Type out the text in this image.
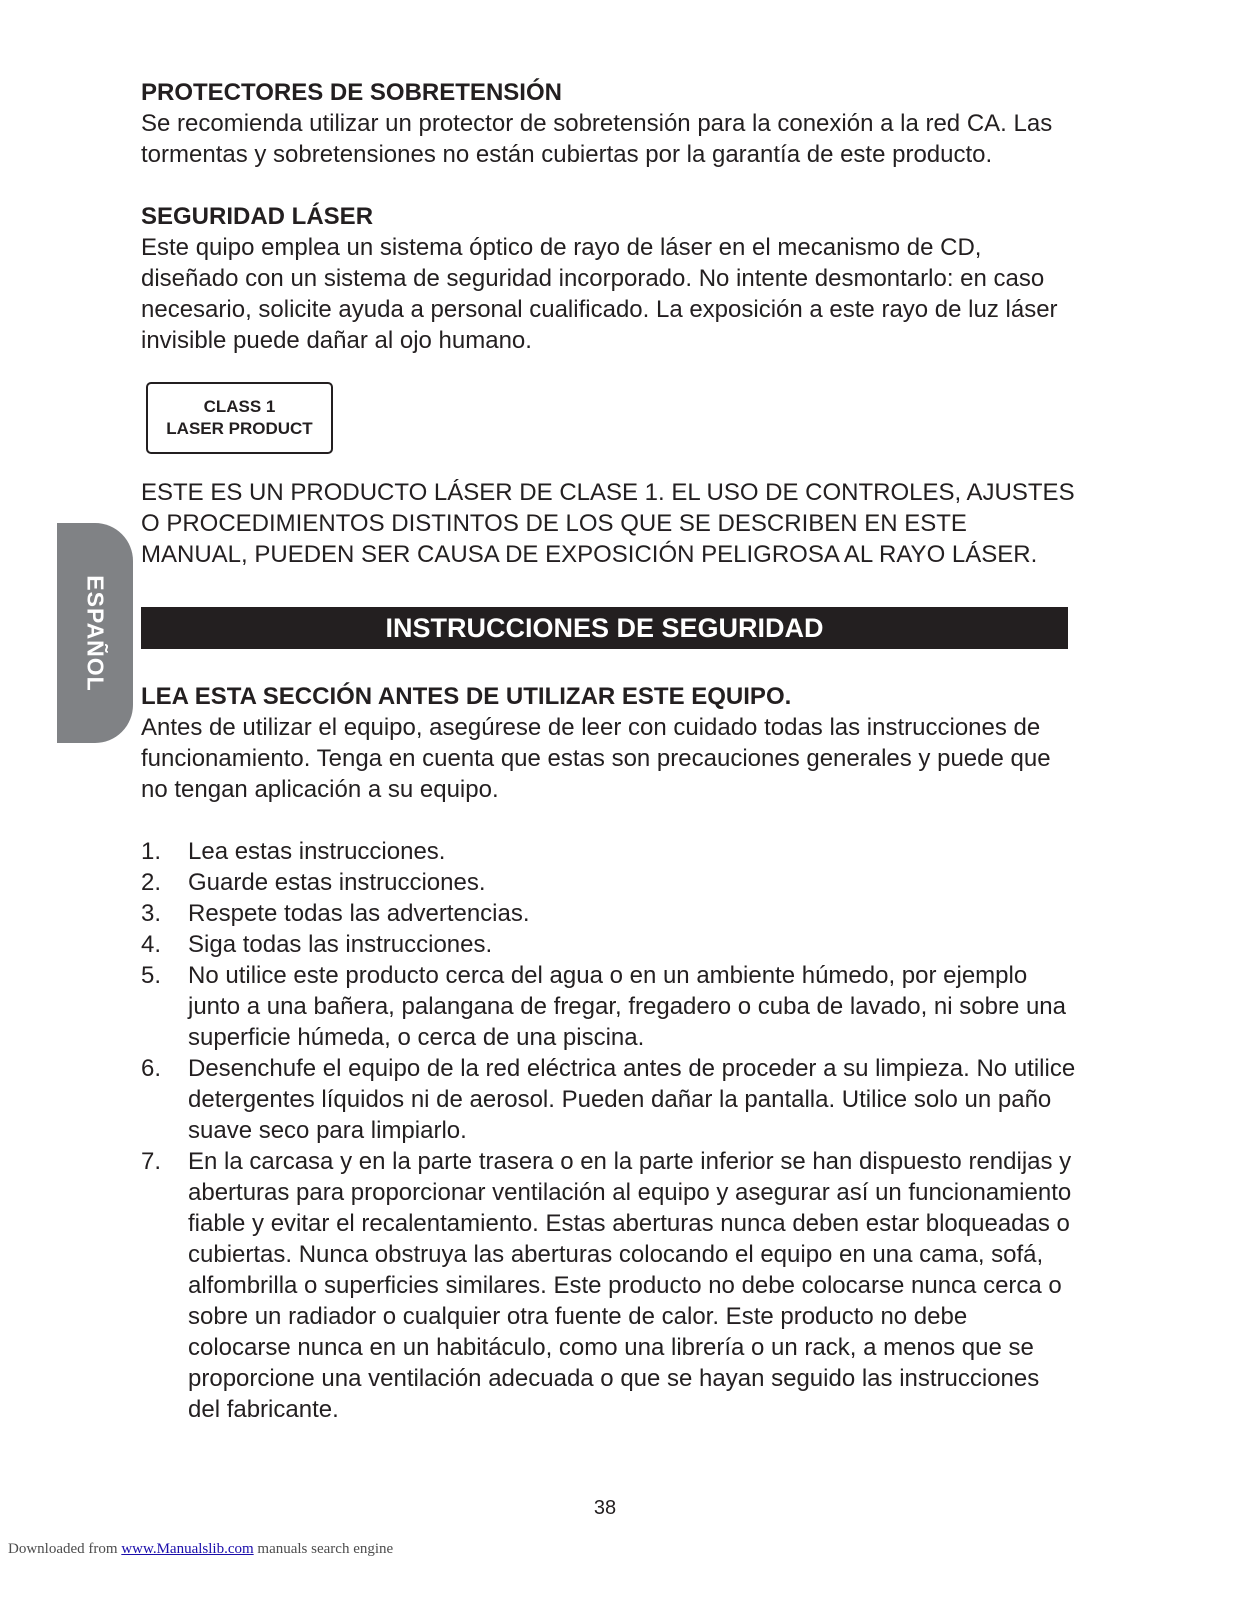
ESPAÑOL

PROTECTORES DE SOBRETENSIÓN

Se recomienda utilizar un protector de sobretensión para la conexión a la red CA. Las tormentas y sobretensiones no están cubiertas por la garantía de este producto.

SEGURIDAD LÁSER

Este quipo emplea un sistema óptico de rayo de láser en el mecanismo de CD, diseñado con un sistema de seguridad incorporado. No intente desmontarlo: en caso necesario, solicite ayuda a personal cualificado. La exposición a este rayo de luz láser invisible puede dañar al ojo humano.

CLASS 1
LASER PRODUCT

ESTE ES UN PRODUCTO LÁSER DE CLASE 1. EL USO DE CONTROLES, AJUSTES O PROCEDIMIENTOS DISTINTOS DE LOS QUE SE DESCRIBEN EN ESTE MANUAL, PUEDEN SER CAUSA DE EXPOSICIÓN PELIGROSA AL RAYO LÁSER.

INSTRUCCIONES DE SEGURIDAD

LEA ESTA SECCIÓN ANTES DE UTILIZAR ESTE EQUIPO.

Antes de utilizar el equipo, asegúrese de leer con cuidado todas las instrucciones de funcionamiento. Tenga en cuenta que estas son precauciones generales y puede que no tengan aplicación a su equipo.

1.	Lea estas instrucciones.
2.	Guarde estas instrucciones.
3.	Respete todas las advertencias.
4.	Siga todas las instrucciones.
5.	No utilice este producto cerca del agua o en un ambiente húmedo, por ejemplo junto a una bañera, palangana de fregar, fregadero o cuba de lavado, ni sobre una superficie húmeda, o cerca de una piscina.
6.	Desenchufe el equipo de la red eléctrica antes de proceder a su limpieza. No utilice detergentes líquidos ni de aerosol. Pueden dañar la pantalla. Utilice solo un paño suave seco para limpiarlo.
7.	En la carcasa y en la parte trasera o en la parte inferior se han dispuesto rendijas y aberturas para proporcionar ventilación al equipo y asegurar así un funcionamiento fiable y evitar el recalentamiento. Estas aberturas nunca deben estar bloqueadas o cubiertas. Nunca obstruya las aberturas colocando el equipo en una cama, sofá, alfombrilla o superficies similares. Este producto no debe colocarse nunca cerca o sobre un radiador o cualquier otra fuente de calor. Este producto no debe colocarse nunca en un habitáculo, como una librería o un rack, a menos que se proporcione una ventilación adecuada o que se hayan seguido las instrucciones del fabricante.
38
Downloaded from www.Manualslib.com manuals search engine
